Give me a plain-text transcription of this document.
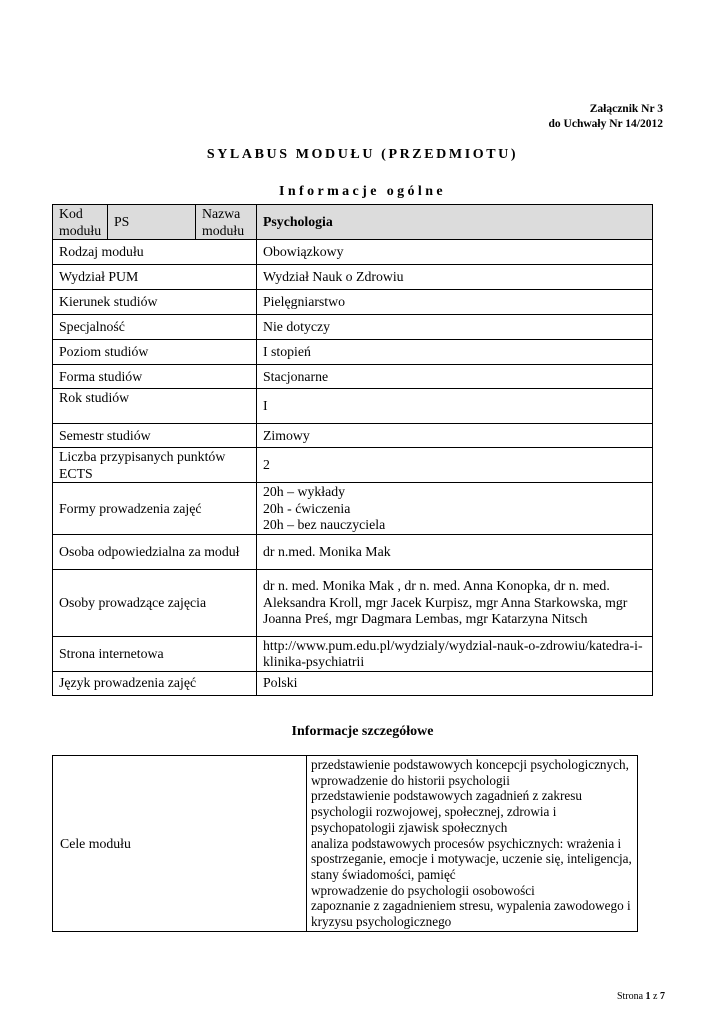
Załącznik Nr 3
do Uchwały Nr 14/2012
SYLABUS MODUŁU (PRZEDMIOTU)
Informacje ogólne
Kod modułu	PS	Nazwa modułu	Psychologia
Rodzaj modułu			Obowiązkowy
Wydział PUM			Wydział Nauk o Zdrowiu
Kierunek studiów			Pielęgniarstwo
Specjalność			Nie dotyczy
Poziom studiów			I stopień
Forma studiów			Stacjonarne
Rok studiów			I
Semestr studiów			Zimowy
Liczba przypisanych punktów ECTS			2
Formy prowadzenia zajęć			20h – wykłady
20h - ćwiczenia
20h – bez nauczyciela

Osoba odpowiedzialna za moduł			dr n.med. Monika Mak
Osoby prowadzące zajęcia			dr n. med. Monika Mak , dr n. med. Anna Konopka, dr n. med. Aleksandra Kroll, mgr Jacek Kurpisz, mgr Anna Starkowska, mgr Joanna Preś, mgr Dagmara Lembas, mgr Katarzyna Nitsch
Strona internetowa			http://www.pum.edu.pl/wydzialy/wydzial-nauk-o-zdrowiu/katedra-i-klinika-psychiatrii
Język prowadzenia zajęć			Polski
Informacje szczegółowe
Cele modułu	
przedstawienie podstawowych koncepcji psychologicznych, wprowadzenie do historii psychologii
przedstawienie podstawowych zagadnień z zakresu psychologii rozwojowej, społecznej, zdrowia i psychopatologii zjawisk społecznych
analiza podstawowych procesów psychicznych: wrażenia i spostrzeganie, emocje i motywacje, uczenie się, inteligencja, stany świadomości, pamięć
wprowadzenie do psychologii osobowości
zapoznanie z zagadnieniem stresu, wypalenia zawodowego i kryzysu psychologicznego
Strona 1 z 7
